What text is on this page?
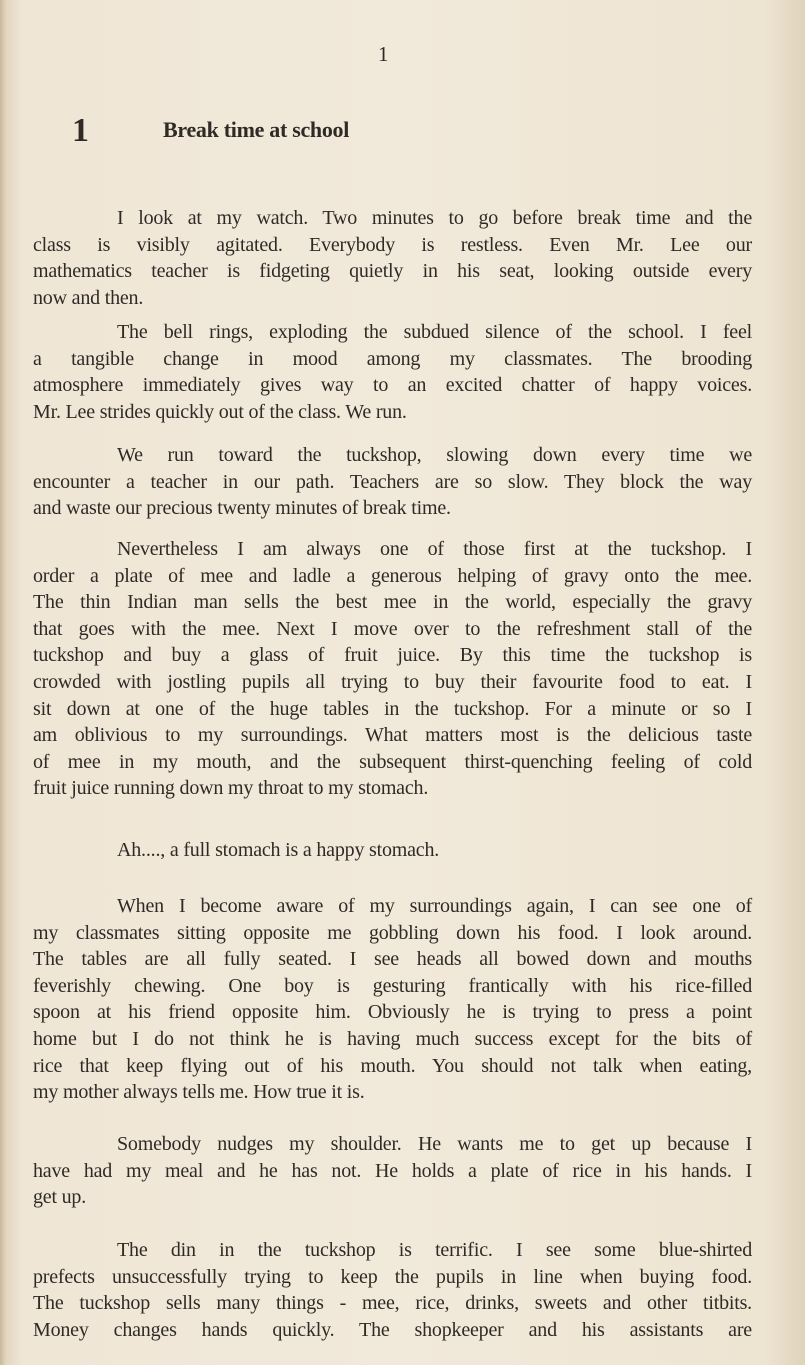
1
1	Break time at school
I look at my watch. Two minutes to go before break time and the
class is visibly agitated. Everybody is restless. Even Mr. Lee our
mathematics teacher is fidgeting quietly in his seat, looking outside every
now and then.
The bell rings, exploding the subdued silence of the school. I feel
a tangible change in mood among my classmates. The brooding
atmosphere immediately gives way to an excited chatter of happy voices.
Mr. Lee strides quickly out of the class. We run.
We run toward the tuckshop, slowing down every time we
encounter a teacher in our path. Teachers are so slow. They block the way
and waste our precious twenty minutes of break time.
Nevertheless I am always one of those first at the tuckshop. I
order a plate of mee and ladle a generous helping of gravy onto the mee.
The thin Indian man sells the best mee in the world, especially the gravy
that goes with the mee. Next I move over to the refreshment stall of the
tuckshop and buy a glass of fruit juice. By this time the tuckshop is
crowded with jostling pupils all trying to buy their favourite food to eat. I
sit down at one of the huge tables in the tuckshop. For a minute or so I
am oblivious to my surroundings. What matters most is the delicious taste
of mee in my mouth, and the subsequent thirst-quenching feeling of cold
fruit juice running down my throat to my stomach.
Ah...., a full stomach is a happy stomach.
When I become aware of my surroundings again, I can see one of
my classmates sitting opposite me gobbling down his food. I look around.
The tables are all fully seated. I see heads all bowed down and mouths
feverishly chewing. One boy is gesturing frantically with his rice-filled
spoon at his friend opposite him. Obviously he is trying to press a point
home but I do not think he is having much success except for the bits of
rice that keep flying out of his mouth. You should not talk when eating,
my mother always tells me. How true it is.
Somebody nudges my shoulder. He wants me to get up because I
have had my meal and he has not. He holds a plate of rice in his hands. I
get up.
The din in the tuckshop is terrific. I see some blue-shirted
prefects unsuccessfully trying to keep the pupils in line when buying food.
The tuckshop sells many things - mee, rice, drinks, sweets and other titbits.
Money changes hands quickly. The shopkeeper and his assistants are
